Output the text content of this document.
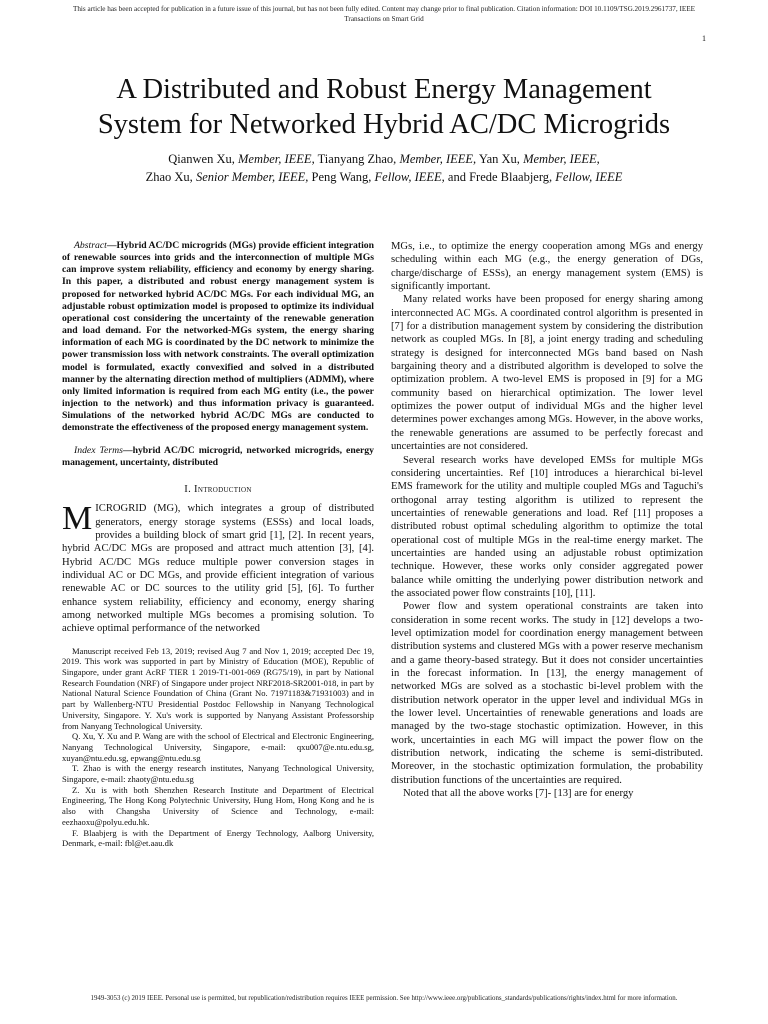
This article has been accepted for publication in a future issue of this journal, but has not been fully edited. Content may change prior to final publication. Citation information: DOI 10.1109/TSG.2019.2961737, IEEE
Transactions on Smart Grid
1
A Distributed and Robust Energy Management
System for Networked Hybrid AC/DC Microgrids
Qianwen Xu, Member, IEEE, Tianyang Zhao, Member, IEEE, Yan Xu, Member, IEEE,
Zhao Xu, Senior Member, IEEE, Peng Wang, Fellow, IEEE, and Frede Blaabjerg, Fellow, IEEE

Abstract—Hybrid AC/DC microgrids (MGs) provide efficient integration of renewable sources into grids and the interconnection of multiple MGs can improve system reliability, efficiency and economy by energy sharing. In this paper, a distributed and robust energy management system is proposed for networked hybrid AC/DC MGs. For each individual MG, an adjustable robust optimization model is proposed to optimize its individual operational cost considering the uncertainty of the renewable generation and load demand. For the networked-MGs system, the energy sharing information of each MG is coordinated by the DC network to minimize the power transmission loss with network constraints. The overall optimization model is formulated, exactly convexified and solved in a distributed manner by the alternating direction method of multipliers (ADMM), where only limited information is required from each MG entity (i.e., the power injection to the network) and thus information privacy is guaranteed. Simulations of the networked hybrid AC/DC MGs are conducted to demonstrate the effectiveness of the proposed energy management system.

Index Terms—hybrid AC/DC microgrid, networked microgrids, energy management, uncertainty, distributed

I. Introduction

MICROGRID (MG), which integrates a group of distributed generators, energy storage systems (ESSs) and local loads, provides a building block of smart grid [1], [2]. In recent years, hybrid AC/DC MGs are proposed and attract much attention [3], [4]. Hybrid AC/DC MGs reduce multiple power conversion stages in individual AC or DC MGs, and provide efficient integration of various renewable AC or DC sources to the utility grid [5], [6]. To further enhance system reliability, efficiency and economy, energy sharing among networked multiple MGs becomes a promising solution. To achieve optimal performance of the networked

Manuscript received Feb 13, 2019; revised Aug 7 and Nov 1, 2019; accepted Dec 19, 2019. This work was supported in part by Ministry of Education (MOE), Republic of Singapore, under grant AcRF TIER 1 2019-T1-001-069 (RG75/19), in part by National Research Foundation (NRF) of Singapore under project NRF2018-SR2001-018, in part by National Natural Science Foundation of China (Grant No. 71971183&71931003) and in part by Wallenberg-NTU Presidential Postdoc Fellowship in Nanyang Technological University, Singapore. Y. Xu's work is supported by Nanyang Assistant Professorship from Nanyang Technological University.

Q. Xu, Y. Xu and P. Wang are with the school of Electrical and Electronic Engineering, Nanyang Technological University, Singapore, e-mail: qxu007@e.ntu.edu.sg, xuyan@ntu.edu.sg, epwang@ntu.edu.sg

T. Zhao is with the energy research institutes, Nanyang Technological University, Singapore, e-mail: zhaoty@ntu.edu.sg

Z. Xu is with both Shenzhen Research Institute and Department of Electrical Engineering, The Hong Kong Polytechnic University, Hung Hom, Hong Kong and he is also with Changsha University of Science and Technology, e-mail: eezhaoxu@polyu.edu.hk.

F. Blaabjerg is with the Department of Energy Technology, Aalborg University, Denmark, e-mail: fbl@et.aau.dk

MGs, i.e., to optimize the energy cooperation among MGs and energy scheduling within each MG (e.g., the energy generation of DGs, charge/discharge of ESSs), an energy management system (EMS) is significantly important.

Many related works have been proposed for energy sharing among interconnected AC MGs. A coordinated control algorithm is presented in [7] for a distribution management system by considering the distribution network as coupled MGs. In [8], a joint energy trading and scheduling strategy is designed for interconnected MGs band based on Nash bargaining theory and a distributed algorithm is developed to solve the optimization problem. A two-level EMS is proposed in [9] for a MG community based on hierarchical optimization. The lower level optimizes the power output of individual MGs and the higher level determines power exchanges among MGs. However, in the above works, the renewable generations are assumed to be perfectly forecast and uncertainties are not considered.

Several research works have developed EMSs for multiple MGs considering uncertainties. Ref [10] introduces a hierarchical bi-level EMS framework for the utility and multiple coupled MGs and Taguchi's orthogonal array testing algorithm is utilized to represent the uncertainties of renewable generations and load. Ref [11] proposes a distributed robust optimal scheduling algorithm to optimize the total operational cost of multiple MGs in the real-time energy market. The uncertainties are handed using an adjustable robust optimization technique. However, these works only consider aggregated power balance while omitting the underlying power distribution network and the associated power flow constraints [10], [11].

Power flow and system operational constraints are taken into consideration in some recent works. The study in [12] develops a two-level optimization model for coordination energy management between distribution systems and clustered MGs with a power reserve mechanism and a game theory-based strategy. But it does not consider uncertainties in the forecast information. In [13], the energy management of networked MGs are solved as a stochastic bi-level problem with the distribution network operator in the upper level and individual MGs in the lower level. Uncertainties of renewable generations and loads are managed by the two-stage stochastic optimization. However, in this work, uncertainties in each MG will impact the power flow on the distribution network, indicating the scheme is semi-distributed. Moreover, in the stochastic optimization formulation, the probability distribution functions of the uncertainties are required.

Noted that all the above works [7]- [13] are for energy

1949-3053 (c) 2019 IEEE. Personal use is permitted, but republication/redistribution requires IEEE permission. See http://www.ieee.org/publications_standards/publications/rights/index.html for more information.
